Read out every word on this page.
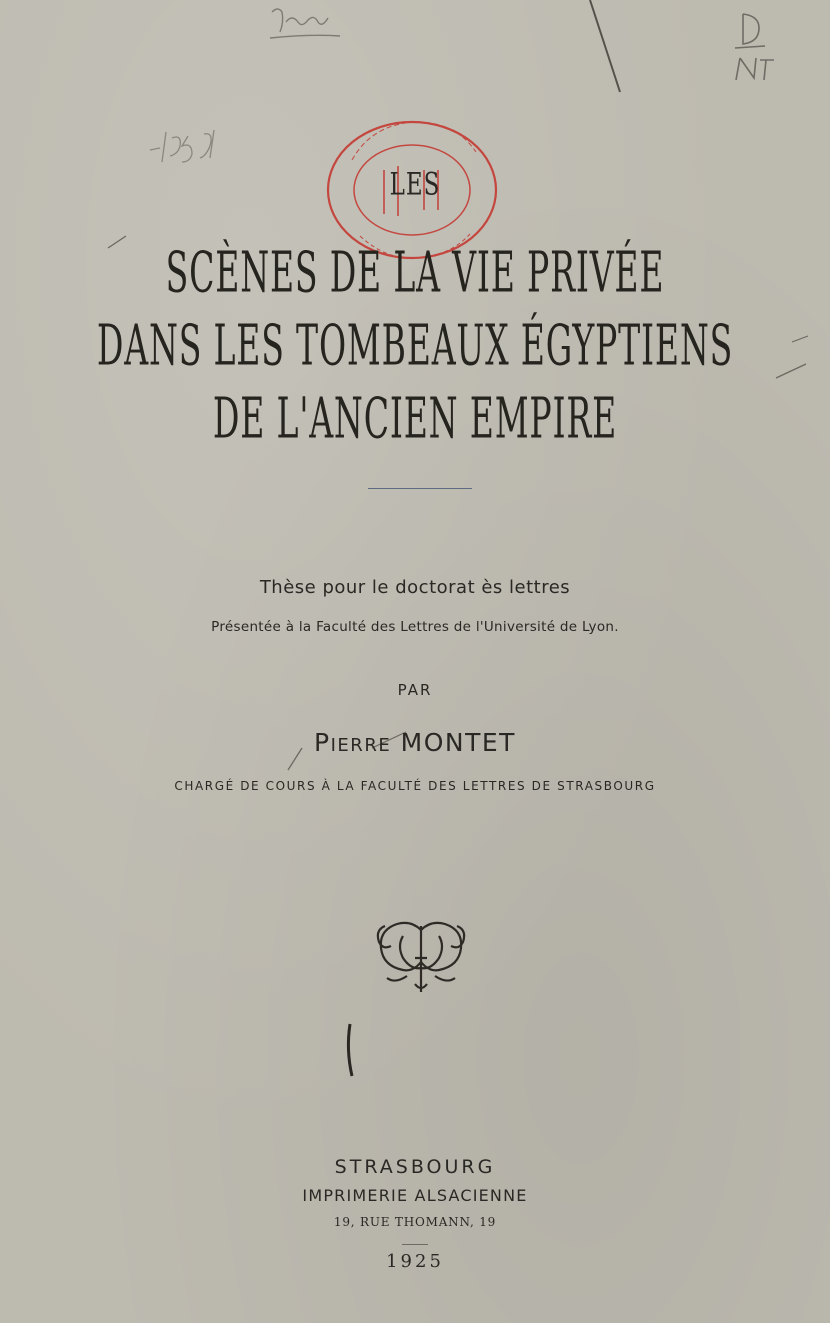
LES
SCÈNES DE LA VIE PRIVÉE
DANS LES TOMBEAUX ÉGYPTIENS
DE L'ANCIEN EMPIRE
Thèse pour le doctorat ès lettres
Présentée à la Faculté des Lettres de l'Université de Lyon.
PAR
PIERRE MONTET
CHARGÉ DE COURS À LA FACULTÉ DES LETTRES DE STRASBOURG
STRASBOURG
IMPRIMERIE ALSACIENNE
19, RUE THOMANN, 19
1925
